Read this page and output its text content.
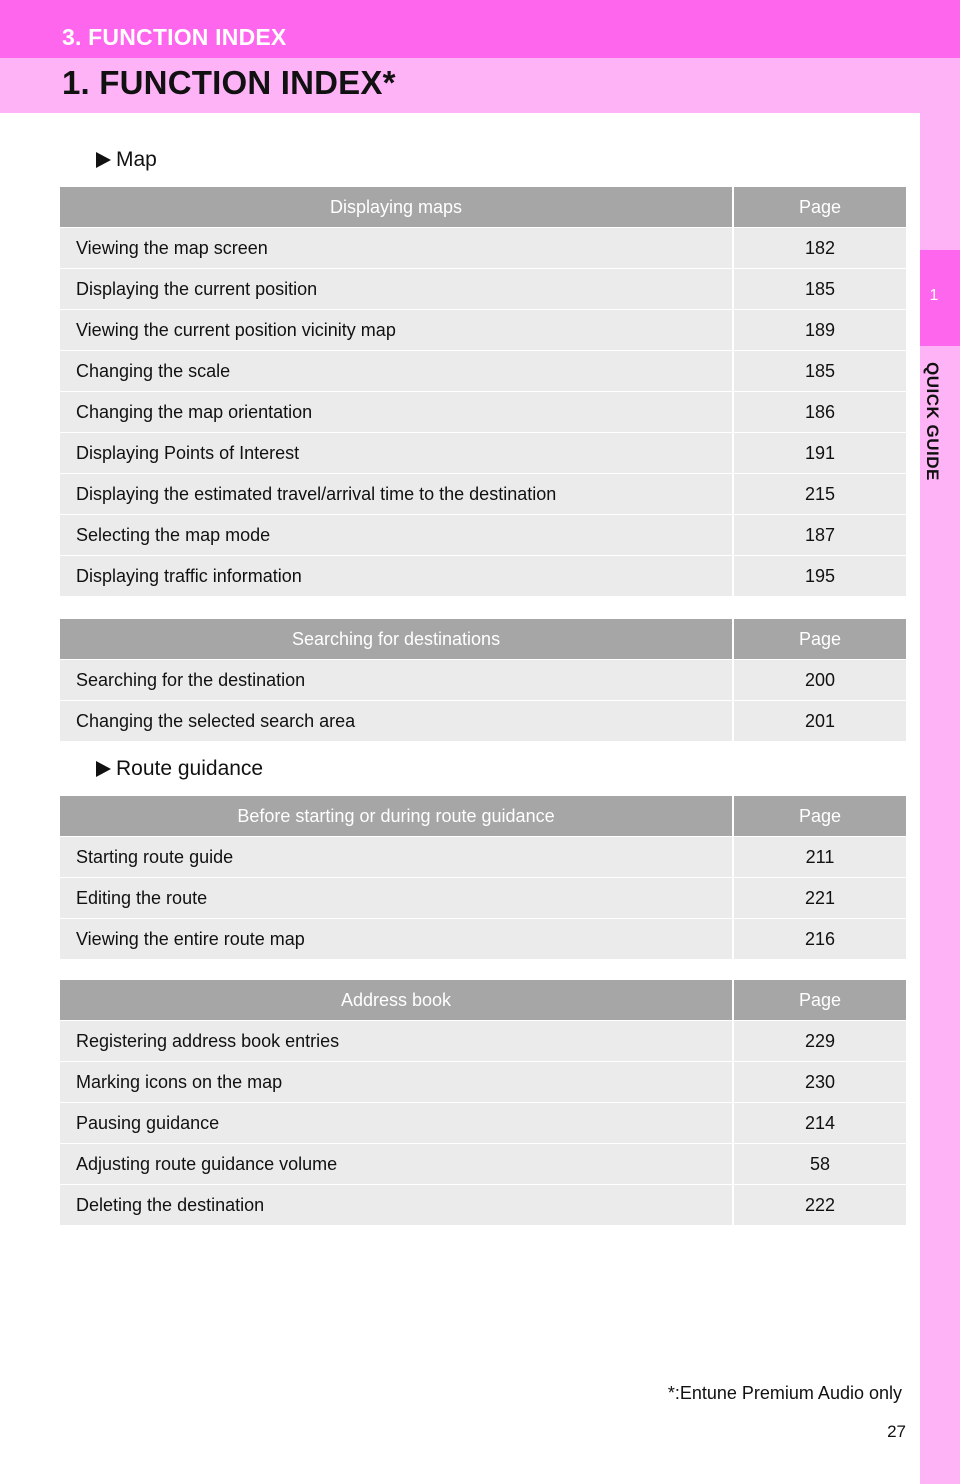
3. FUNCTION INDEX
1. FUNCTION INDEX*
1
QUICK GUIDE
Map
Displaying maps	Page
Viewing the map screen	182
Displaying the current position	185
Viewing the current position vicinity map	189
Changing the scale	185
Changing the map orientation	186
Displaying Points of Interest	191
Displaying the estimated travel/arrival time to the destination	215
Selecting the map mode	187
Displaying traffic information	195
Searching for destinations	Page
Searching for the destination	200
Changing the selected search area	201
Route guidance
Before starting or during route guidance	Page
Starting route guide	211
Editing the route	221
Viewing the entire route map	216
Address book	Page
Registering address book entries	229
Marking icons on the map	230
Pausing guidance	214
Adjusting route guidance volume	58
Deleting the destination	222
*:Entune Premium Audio only
27
